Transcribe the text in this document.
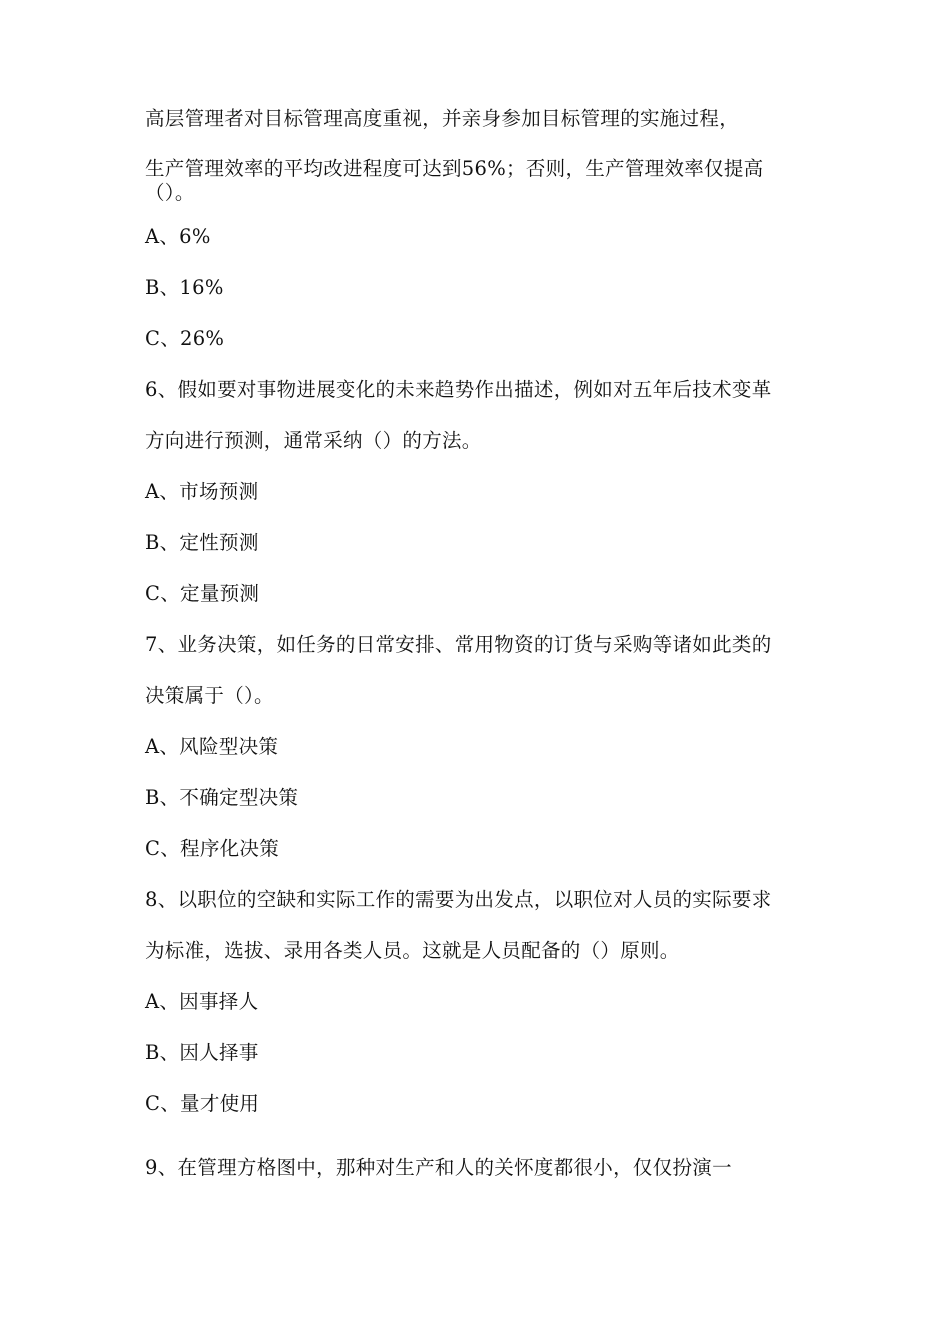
高层管理者对目标管理高度重视，并亲身参加目标管理的实施过程，
生产管理效率的平均改进程度可达到56%；否则，生产管理效率仅提高
（）。
A、6%
B、16%
C、26%
6、假如要对事物进展变化的未来趋势作出描述，例如对五年后技术变革
方向进行预测，通常采纳（）的方法。
A、市场预测
B、定性预测
C、定量预测
7、业务决策，如任务的日常安排、常用物资的订货与采购等诸如此类的
决策属于（）。
A、风险型决策
B、不确定型决策
C、程序化决策
8、以职位的空缺和实际工作的需要为出发点，以职位对人员的实际要求
为标准，选拔、录用各类人员。这就是人员配备的（）原则。
A、因事择人
B、因人择事
C、量才使用
9、在管理方格图中，那种对生产和人的关怀度都很小，仅仅扮演一
